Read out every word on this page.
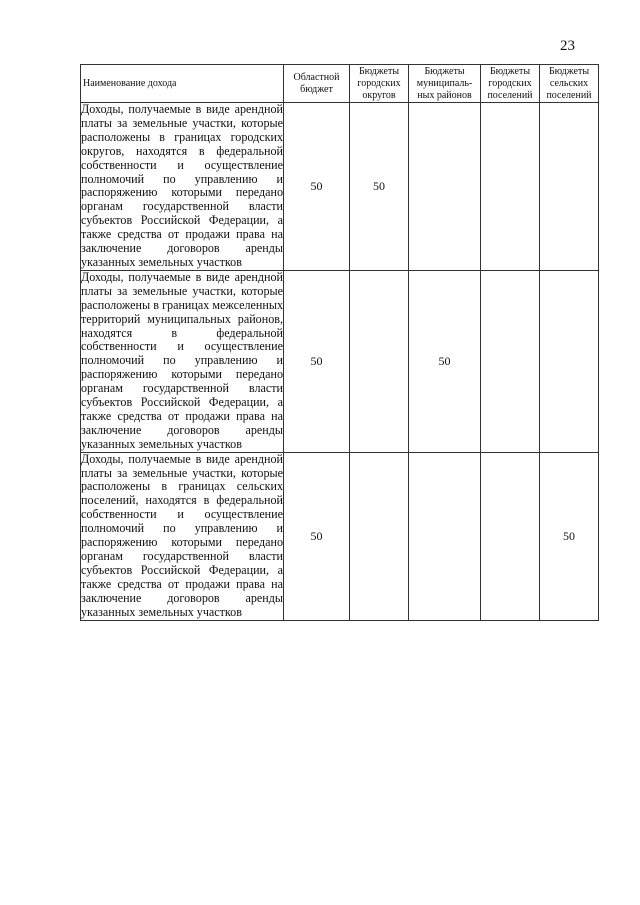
23
Наименование дохода	Областной бюджет	Бюджеты городских округов	Бюджеты муниципаль-ных районов	Бюджеты городских поселений	Бюджеты сельских поселений
Доходы, получаемые в виде арендной платы за земельные участки, которые расположены в границах городских округов, находятся в федеральной собственности и осуществление полномочий по управлению и распоряжению которыми передано органам государственной власти субъектов Российской Федерации, а также средства от продажи права на заключение договоров аренды указанных земельных участков	50	50			
Доходы, получаемые в виде арендной платы за земельные участки, которые расположены в границах межселенных территорий муниципальных районов, находятся в федеральной собственности и осуществление полномочий по управлению и распоряжению которыми передано органам государственной власти субъектов Российской Федерации, а также средства от продажи права на заключение договоров аренды указанных земельных участков	50		50		
Доходы, получаемые в виде арендной платы за земельные участки, которые расположены в границах сельских поселений, находятся в федеральной собственности и осуществление полномочий по управлению и распоряжению которыми передано органам государственной власти субъектов Российской Федерации, а также средства от продажи права на заключение договоров аренды указанных земельных участков	50				50
